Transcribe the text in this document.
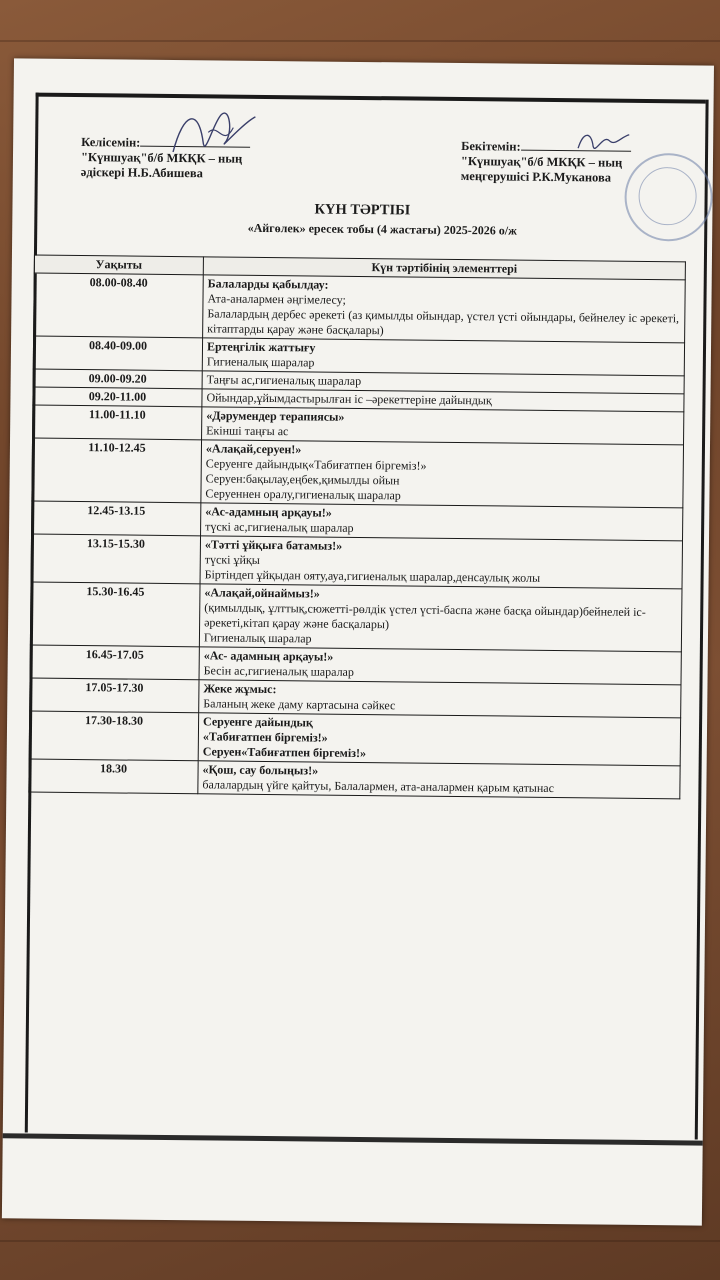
Келісемін:
"Күншуақ"б/б МКҚК – ның
әдіскері Н.Б.Абишева
Бекітемін:
"Күншуақ"б/б МКҚК – ның
меңгерушісі Р.К.Муканова
КҮН ТӘРТІБІ
«Айгөлек» ересек тобы (4 жастағы) 2025-2026 о/ж
Уақыты	Күн тәртібінің элементтері
08.00-08.40	Балаларды қабылдау:
Ата-аналармен әңгімелесу;
Балалардың дербес әрекеті (аз қимылды ойындар, үстел үсті ойындары, бейнелеу іс әрекеті, кітаптарды қарау және басқалары)

08.40-09.00	Ертеңгілік жаттығу
Гигиеналық шаралар

09.00-09.20	Таңғы ас,гигиеналық шаралар

09.20-11.00	Ойындар,ұйымдастырылған іс –әрекеттеріне дайындық

11.00-11.10	«Дәрумендер терапиясы»
Екінші таңғы ас

11.10-12.45	«Алақай,серуен!»
Серуенге дайындық«Табиғатпен біргеміз!»
Серуен:бақылау,еңбек,қимылды ойын
Серуеннен оралу,гигиеналық шаралар

12.45-13.15	«Ас-адамның арқауы!»
түскі ас,гигиеналық шаралар

13.15-15.30	«Тәтті ұйқыға батамыз!»
түскі ұйқы
Біртіндеп ұйқыдан ояту,ауа,гигиеналық шаралар,денсаулық жолы

15.30-16.45	«Алақай,ойнаймыз!»
(қимылдық, ұлттық,сюжетті-рөлдік үстел үсті-баспа және басқа ойындар)бейнелей іс-әрекеті,кітап қарау және басқалары)
Гигиеналық шаралар

16.45-17.05	«Ас- адамның арқауы!»
Бесін ас,гигиеналық шаралар

17.05-17.30	Жеке жұмыс:
Баланың жеке даму картасына сәйкес

17.30-18.30	Серуенге дайындық
«Табиғатпен біргеміз!»
Серуен«Табиғатпен біргеміз!»

18.30	«Қош, сау болыңыз!»
балалардың үйге қайтуы, Балалармен, ата-аналармен қарым қатынас
